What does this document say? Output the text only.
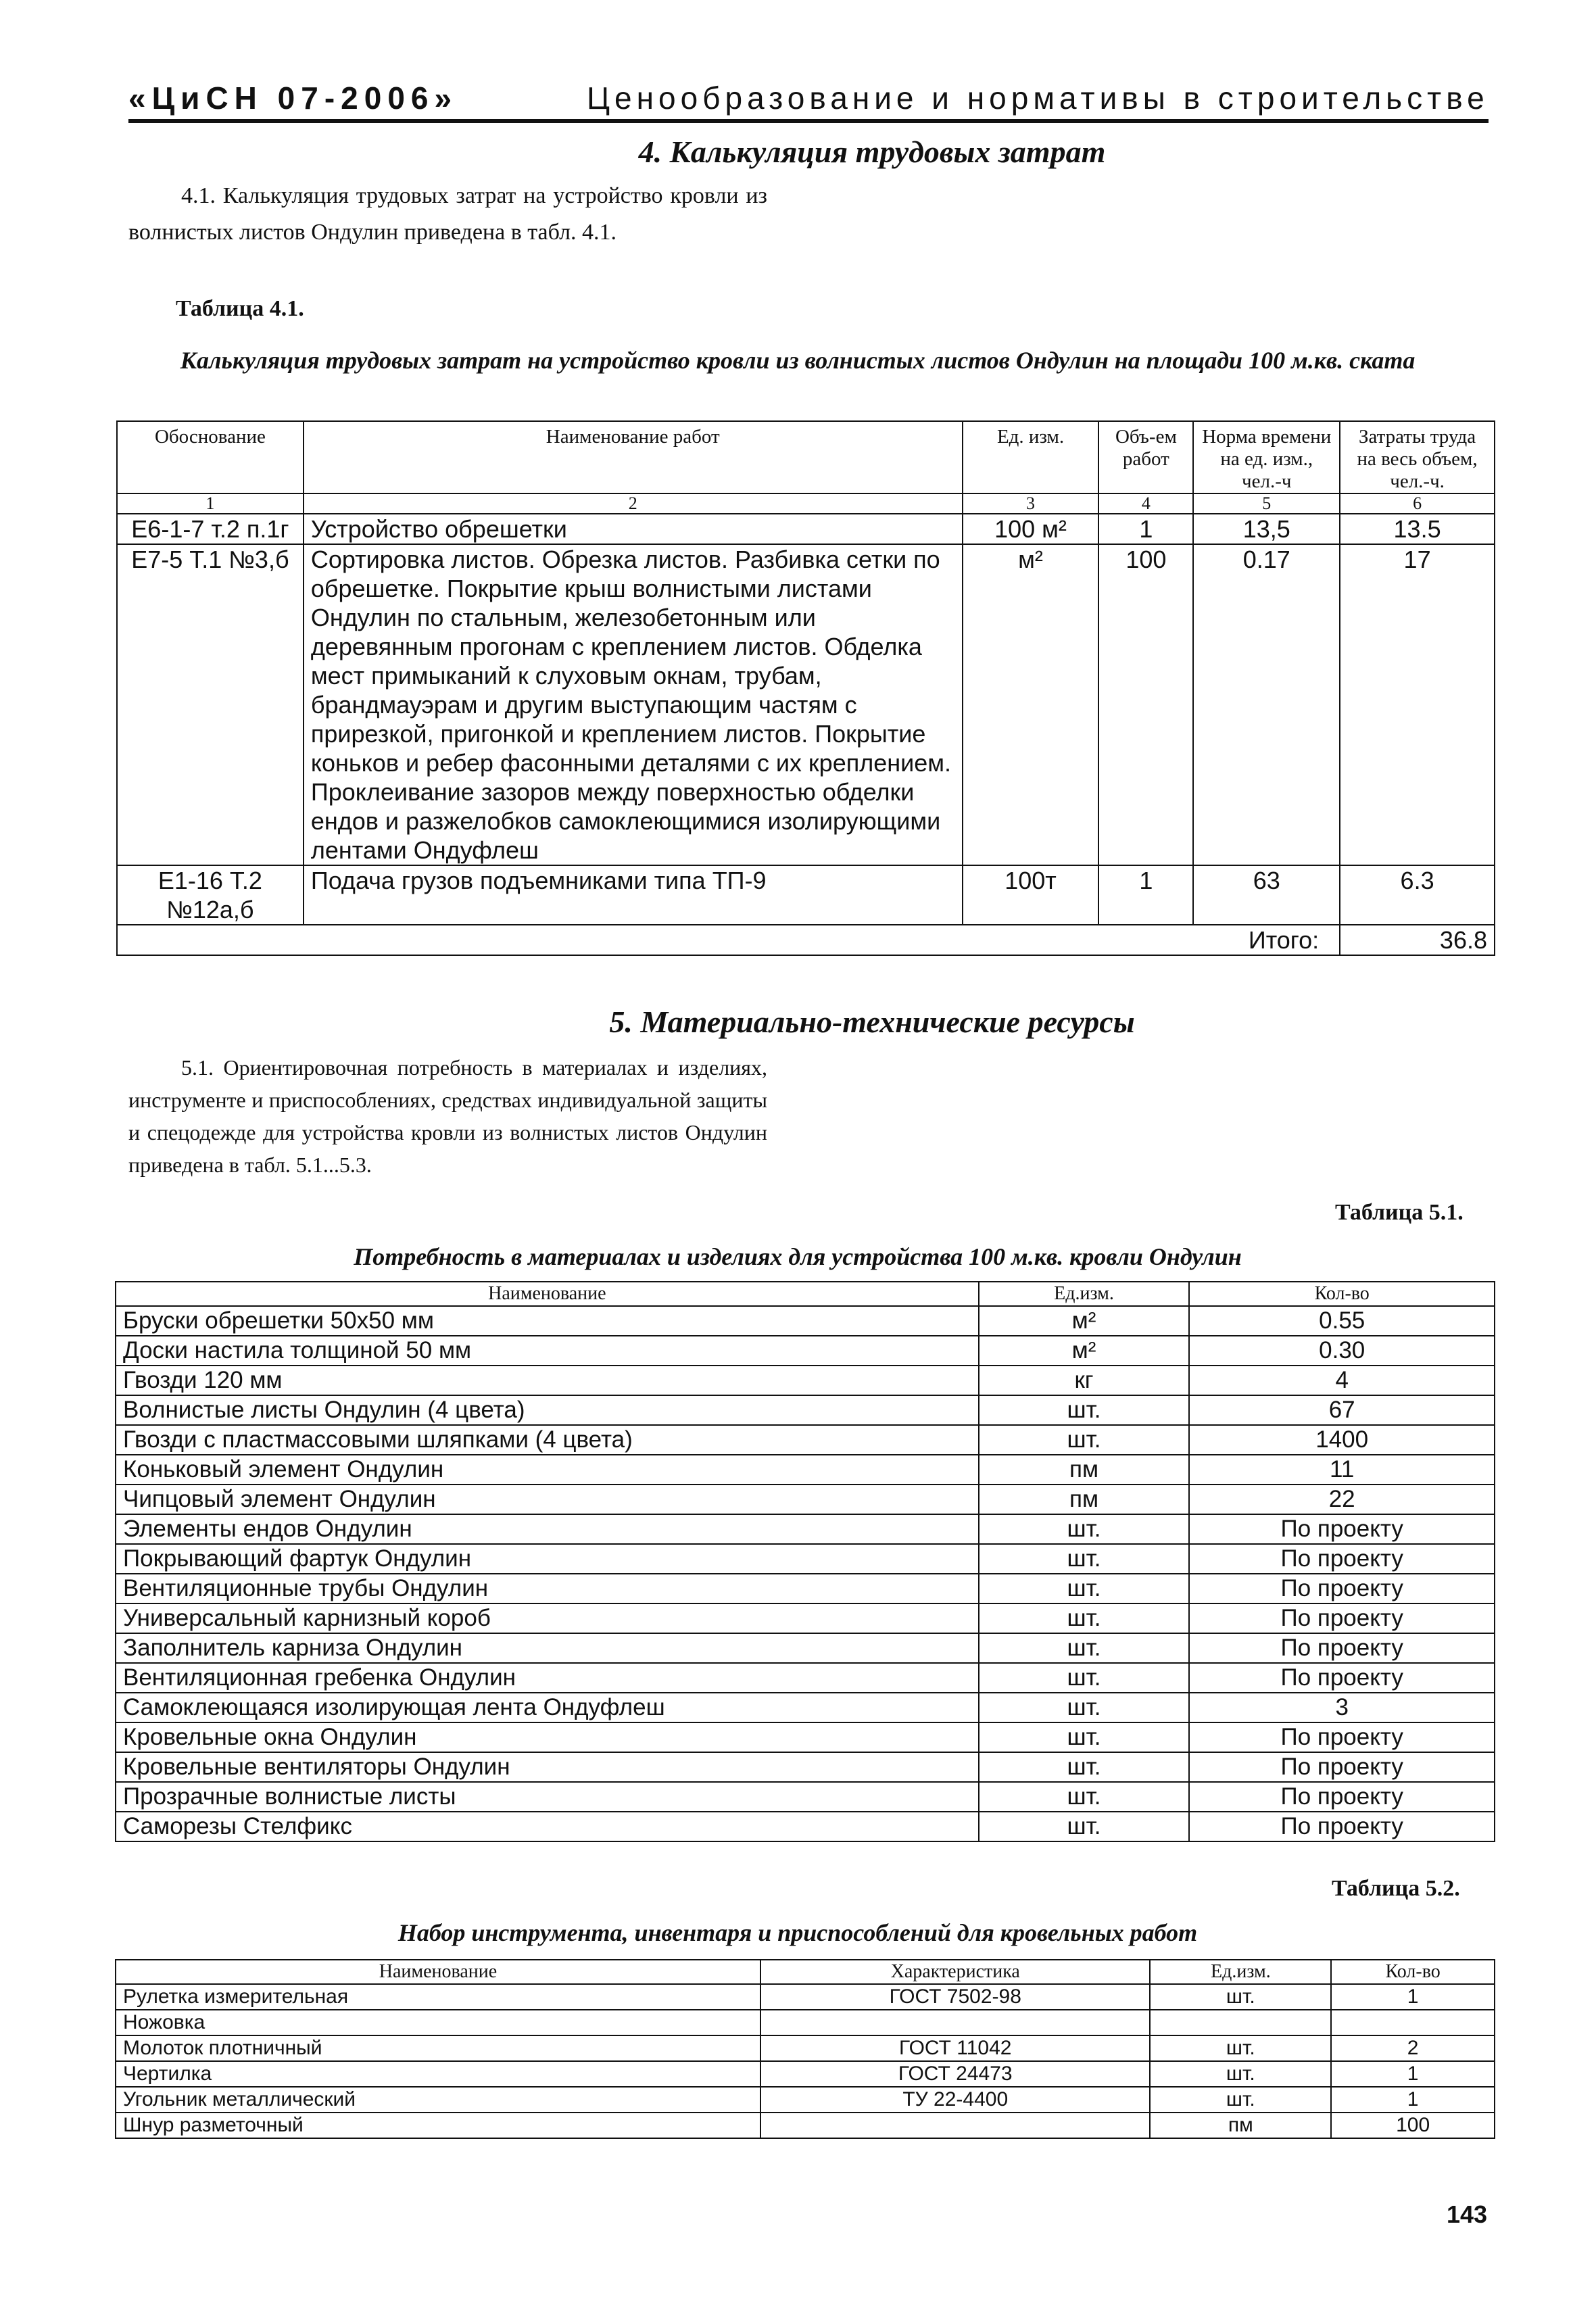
«ЦиСН 07-2006»	Ценообразование и нормативы в строительстве
4. Калькуляция трудовых затрат
4.1. Калькуляция трудовых затрат на устройство кровли из волнистых листов Ондулин приведена в табл. 4.1.
Таблица 4.1.
Калькуляция трудовых затрат на устройство кровли из волнистых листов Ондулин на площади 100 м.кв. ската
Обоснование	Наименование работ	Ед. изм.	Объ-ем работ	Норма времени на ед. изм., чел.-ч	Затраты труда на весь объем, чел.-ч.
1	2	3	4	5	6
Е6-1-7 т.2 п.1г	Устройство обрешетки	100 м²	1	13,5	13.5
Е7-5 Т.1 №3,б	Сортировка листов. Обрезка листов. Разбивка сетки по обрешетке. Покрытие крыш волнистыми листами Ондулин по стальным, железобетонным или деревянным прогонам с креплением листов. Обделка мест примыканий к слуховым окнам, трубам, брандмауэрам и другим выступающим частям с прирезкой, пригонкой и креплением листов. Покрытие коньков и ребер фасонными деталями с их креплением. Проклеивание зазоров между поверхностью обделки ендов и разжелобков самоклеющимися изолирующими лентами Ондуфлеш	м²	100	0.17	17
Е1-16 Т.2 №12а,б	Подача грузов подъемниками типа ТП-9	100т	1	63	6.3
Итого:					36.8
5. Материально-технические ресурсы
5.1. Ориентировочная потребность в материалах и изделиях, инструменте и приспособлениях, средствах индивидуальной защиты и спецодежде для устройства кровли из волнистых листов Ондулин приведена в табл. 5.1...5.3.
Таблица 5.1.
Потребность в материалах и изделиях для устройства 100 м.кв. кровли Ондулин
Наименование	Ед.изм.	Кол-во
Бруски обрешетки 50х50 мм	м²	0.55
Доски настила толщиной 50 мм	м²	0.30
Гвозди 120 мм	кг	4
Волнистые листы Ондулин (4 цвета)	шт.	67
Гвозди с пластмассовыми шляпками (4 цвета)	шт.	1400
Коньковый элемент Ондулин	пм	11
Чипцовый элемент Ондулин	пм	22
Элементы ендов Ондулин	шт.	По проекту
Покрывающий фартук Ондулин	шт.	По проекту
Вентиляционные трубы Ондулин	шт.	По проекту
Универсальный карнизный короб	шт.	По проекту
Заполнитель карниза Ондулин	шт.	По проекту
Вентиляционная гребенка Ондулин	шт.	По проекту
Самоклеющаяся изолирующая лента Ондуфлеш	шт.	3
Кровельные окна Ондулин	шт.	По проекту
Кровельные вентиляторы Ондулин	шт.	По проекту
Прозрачные волнистые листы	шт.	По проекту
Саморезы Стелфикс	шт.	По проекту
Таблица 5.2.
Набор инструмента, инвентаря и приспособлений для кровельных работ
Наименование	Характеристика	Ед.изм.	Кол-во
Рулетка измерительная	ГОСТ 7502-98	шт.	1
Ножовка			
Молоток плотничный	ГОСТ 11042	шт.	2
Чертилка	ГОСТ 24473	шт.	1
Угольник металлический	ТУ 22-4400	шт.	1
Шнур разметочный		пм	100
143
